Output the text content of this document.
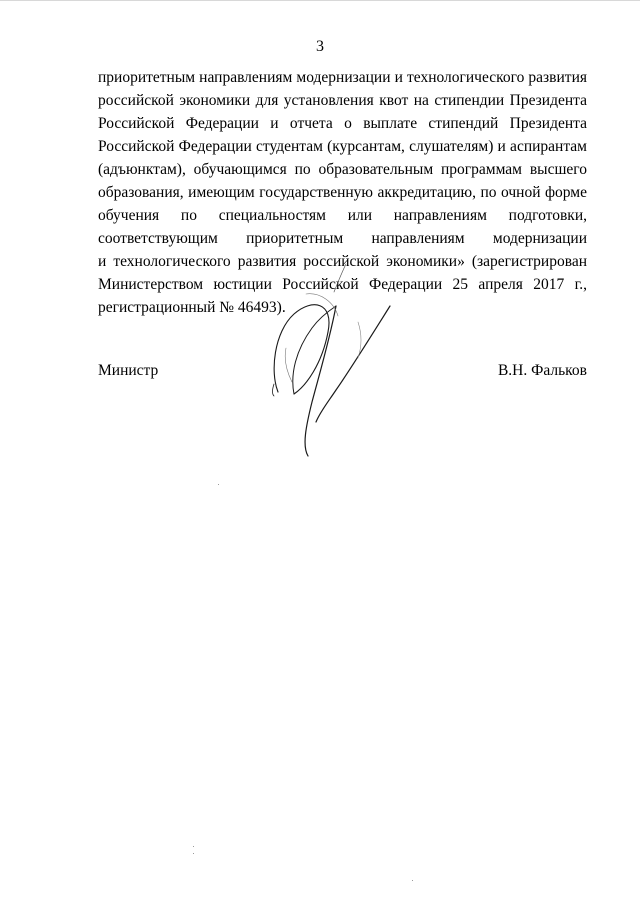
3
приоритетным направлениям модернизации и технологического развития
российской экономики для установления квот на стипендии Президента
Российской Федерации и отчета о выплате стипендий Президента
Российской Федерации студентам (курсантам, слушателям) и аспирантам
(адъюнктам), обучающимся по образовательным программам высшего
образования, имеющим государственную аккредитацию, по очной форме
обучения по специальностям или направлениям подготовки,
соответствующим приоритетным направлениям модернизации
и технологического развития российской экономики» (зарегистрирован
Министерством юстиции Российской Федерации 25 апреля 2017 г.,
регистрационный № 46493).
Министр	В.Н. Фальков
